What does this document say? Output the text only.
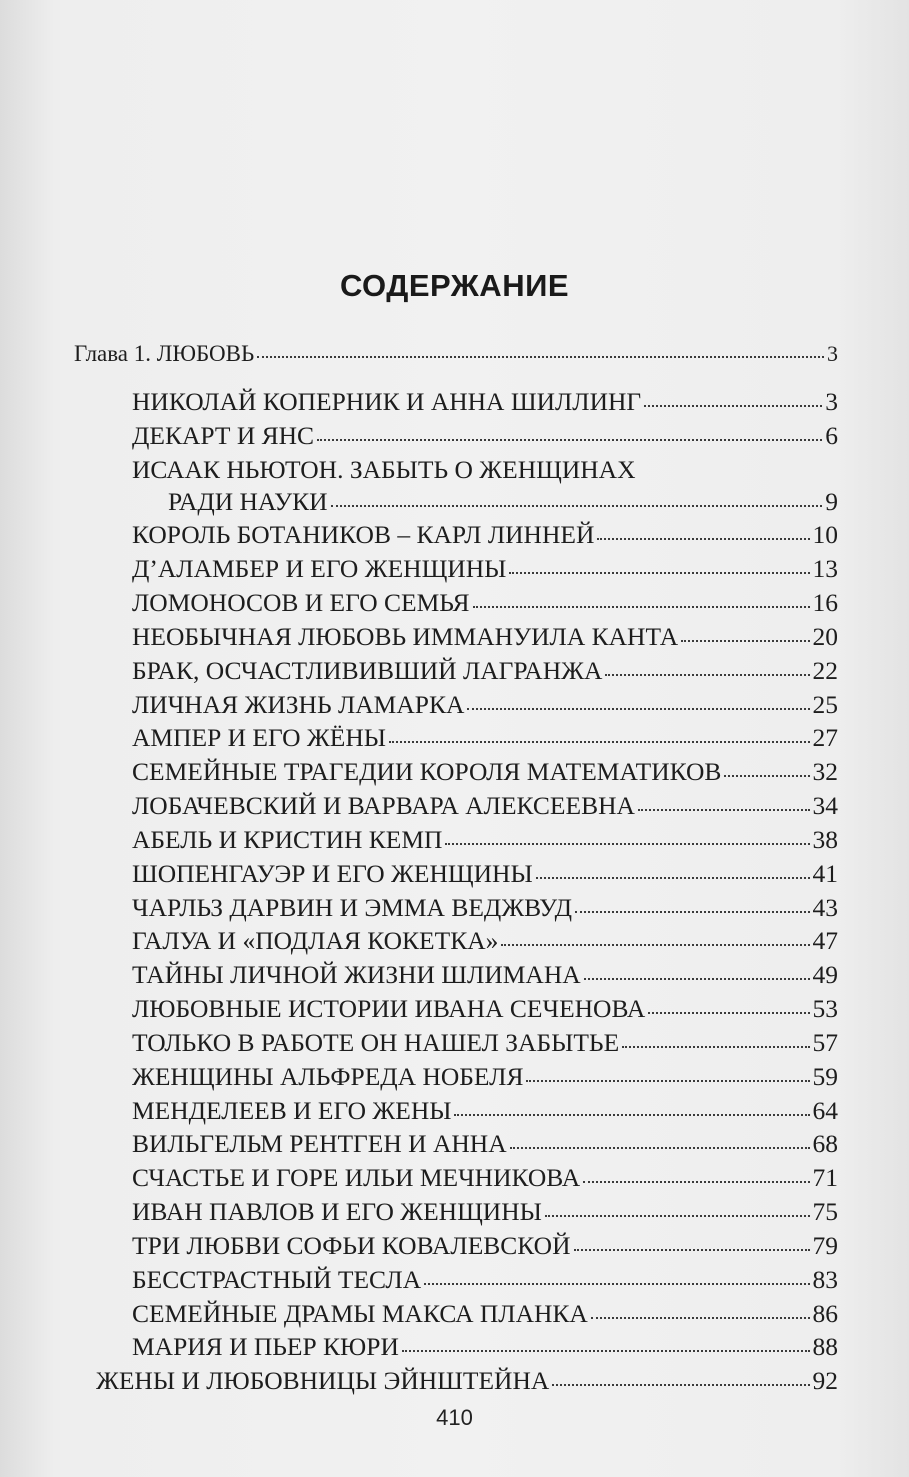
СОДЕРЖАНИЕ
Глава 1. ЛЮБОВЬ	3
НИКОЛАЙ КОПЕРНИК И АННА ШИЛЛИНГ	3
ДЕКАРТ И ЯНС	6
ИСААК НЬЮТОН. ЗАБЫТЬ О ЖЕНЩИНАХ
РАДИ НАУКИ	9
КОРОЛЬ БОТАНИКОВ – КАРЛ ЛИННЕЙ	10
Д’АЛАМБЕР И ЕГО ЖЕНЩИНЫ	13
ЛОМОНОСОВ И ЕГО СЕМЬЯ	16
НЕОБЫЧНАЯ ЛЮБОВЬ ИММАНУИЛА КАНТА	20
БРАК, ОСЧАСТЛИВИВШИЙ ЛАГРАНЖА	22
ЛИЧНАЯ ЖИЗНЬ ЛАМАРКА	25
АМПЕР И ЕГО ЖЁНЫ	27
СЕМЕЙНЫЕ ТРАГЕДИИ КОРОЛЯ МАТЕМАТИКОВ	32
ЛОБАЧЕВСКИЙ И ВАРВАРА АЛЕКСЕЕВНА	34
АБЕЛЬ И КРИСТИН КЕМП	38
ШОПЕНГАУЭР И ЕГО ЖЕНЩИНЫ	41
ЧАРЛЬЗ ДАРВИН И ЭММА ВЕДЖВУД	43
ГАЛУА И «ПОДЛАЯ КОКЕТКА»	47
ТАЙНЫ ЛИЧНОЙ ЖИЗНИ ШЛИМАНА	49
ЛЮБОВНЫЕ ИСТОРИИ ИВАНА СЕЧЕНОВА	53
ТОЛЬКО В РАБОТЕ ОН НАШЕЛ ЗАБЫТЬЕ	57
ЖЕНЩИНЫ АЛЬФРЕДА НОБЕЛЯ	59
МЕНДЕЛЕЕВ И ЕГО ЖЕНЫ	64
ВИЛЬГЕЛЬМ РЕНТГЕН И АННА	68
СЧАСТЬЕ И ГОРЕ ИЛЬИ МЕЧНИКОВА	71
ИВАН ПАВЛОВ И ЕГО ЖЕНЩИНЫ	75
ТРИ ЛЮБВИ СОФЬИ КОВАЛЕВСКОЙ	79
БЕССТРАСТНЫЙ ТЕСЛА	83
СЕМЕЙНЫЕ ДРАМЫ МАКСА ПЛАНКА	86
МАРИЯ И ПЬЕР КЮРИ	88
ЖЕНЫ И ЛЮБОВНИЦЫ ЭЙНШТЕЙНА	92
410
